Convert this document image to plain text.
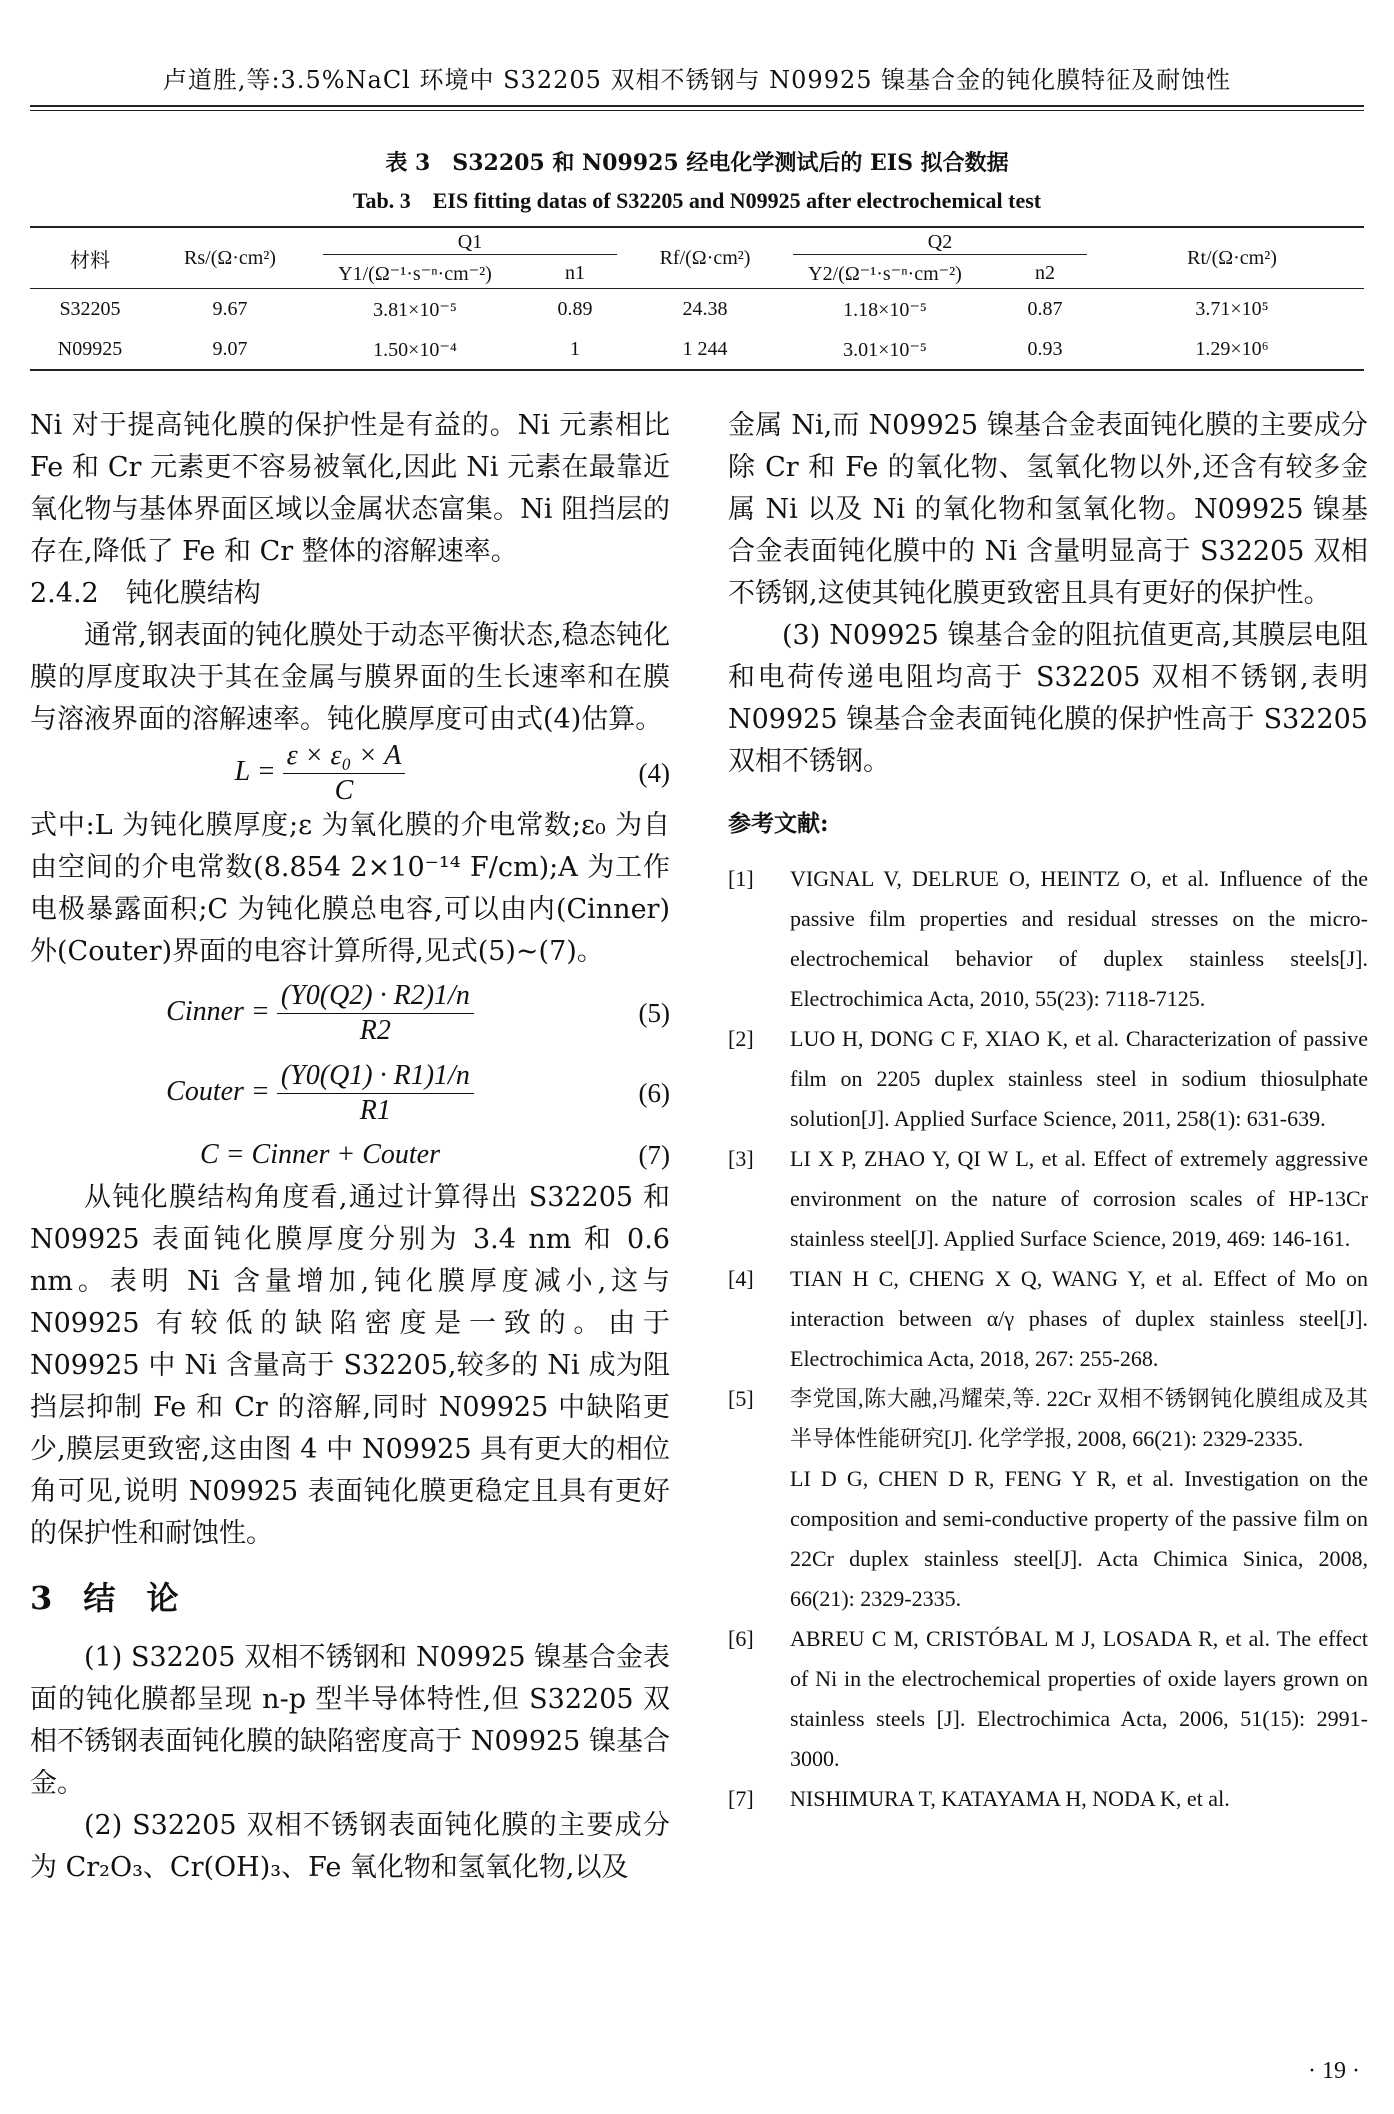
卢道胜,等:3.5%NaCl 环境中 S32205 双相不锈钢与 N09925 镍基合金的钝化膜特征及耐蚀性
表 3　S32205 和 N09925 经电化学测试后的 EIS 拟合数据
Tab. 3　EIS fitting datas of S32205 and N09925 after electrochemical test
材料	Rs/(Ω·cm²)	Q1		Rf/(Ω·cm²)	Q2		Rt/(Ω·cm²)
		Y1/(Ω⁻¹·s⁻ⁿ·cm⁻²)	n1		Y2/(Ω⁻¹·s⁻ⁿ·cm⁻²)	n2	
S32205	9.67	3.81×10⁻⁵	0.89	24.38	1.18×10⁻⁵	0.87	3.71×10⁵
N09925	9.07	1.50×10⁻⁴	1	1 244	3.01×10⁻⁵	0.93	1.29×10⁶

Ni 对于提高钝化膜的保护性是有益的。Ni 元素相比 Fe 和 Cr 元素更不容易被氧化,因此 Ni 元素在最靠近氧化物与基体界面区域以金属状态富集。Ni 阻挡层的存在,降低了 Fe 和 Cr 整体的溶解速率。

2.4.2　钝化膜结构

通常,钢表面的钝化膜处于动态平衡状态,稳态钝化膜的厚度取决于其在金属与膜界面的生长速率和在膜与溶液界面的溶解速率。钝化膜厚度可由式(4)估算。

$L = \frac{\text{ε × ε₀ × A}}{C}$	(4)

式中:L 为钝化膜厚度;ε 为氧化膜的介电常数;ε₀ 为自由空间的介电常数(8.854 2×10⁻¹⁴ F/cm);A 为工作电极暴露面积;C 为钝化膜总电容,可以由内(Cinner)外(Couter)界面的电容计算所得,见式(5)~(7)。

Cinner = $\frac{(Y0(Q2) \cdot R2)1/n}{R2}$	(5)
Couter = $\frac{(Y0(Q1) \cdot R1)1/n}{R1}$	(6)
C = Cinner + Couter	(7)

从钝化膜结构角度看,通过计算得出 S32205 和 N09925 表面钝化膜厚度分别为 3.4 nm 和 0.6 nm。表明 Ni 含量增加,钝化膜厚度减小,这与 N09925 有较低的缺陷密度是一致的。由于 N09925 中 Ni 含量高于 S32205,较多的 Ni 成为阻挡层抑制 Fe 和 Cr 的溶解,同时 N09925 中缺陷更少,膜层更致密,这由图 4 中 N09925 具有更大的相位角可见,说明 N09925 表面钝化膜更稳定且具有更好的保护性和耐蚀性。

3 结 论

(1) S32205 双相不锈钢和 N09925 镍基合金表面的钝化膜都呈现 n-p 型半导体特性,但 S32205 双相不锈钢表面钝化膜的缺陷密度高于 N09925 镍基合金。

(2) S32205 双相不锈钢表面钝化膜的主要成分为 Cr₂O₃、Cr(OH)₃、Fe 氧化物和氢氧化物,以及

金属 Ni,而 N09925 镍基合金表面钝化膜的主要成分除 Cr 和 Fe 的氧化物、氢氧化物以外,还含有较多金属 Ni 以及 Ni 的氧化物和氢氧化物。N09925 镍基合金表面钝化膜中的 Ni 含量明显高于 S32205 双相不锈钢,这使其钝化膜更致密且具有更好的保护性。

(3) N09925 镍基合金的阻抗值更高,其膜层电阻和电荷传递电阻均高于 S32205 双相不锈钢,表明 N09925 镍基合金表面钝化膜的保护性高于 S32205 双相不锈钢。

参考文献:
[1]	VIGNAL V, DELRUE O, HEINTZ O, et al. Influence of the passive film properties and residual stresses on the micro-electrochemical behavior of duplex stainless steels[J]. Electrochimica Acta, 2010, 55(23): 7118-7125.
[2]	LUO H, DONG C F, XIAO K, et al. Characterization of passive film on 2205 duplex stainless steel in sodium thiosulphate solution[J]. Applied Surface Science, 2011, 258(1): 631-639.
[3]	LI X P, ZHAO Y, QI W L, et al. Effect of extremely aggressive environment on the nature of corrosion scales of HP-13Cr stainless steel[J]. Applied Surface Science, 2019, 469: 146-161.
[4]	TIAN H C, CHENG X Q, WANG Y, et al. Effect of Mo on interaction between α/γ phases of duplex stainless steel[J]. Electrochimica Acta, 2018, 267: 255-268.
[5]	李党国,陈大融,冯耀荣,等. 22Cr 双相不锈钢钝化膜组成及其半导体性能研究[J]. 化学学报, 2008, 66(21): 2329-2335.
LI D G, CHEN D R, FENG Y R, et al. Investigation on the composition and semi-conductive property of the passive film on 22Cr duplex stainless steel[J]. Acta Chimica Sinica, 2008, 66(21): 2329-2335.
[6]	ABREU C M, CRISTÓBAL M J, LOSADA R, et al. The effect of Ni in the electrochemical properties of oxide layers grown on stainless steels [J]. Electrochimica Acta, 2006, 51(15): 2991-3000.
[7]	NISHIMURA T, KATAYAMA H, NODA K, et al.
· 19 ·
